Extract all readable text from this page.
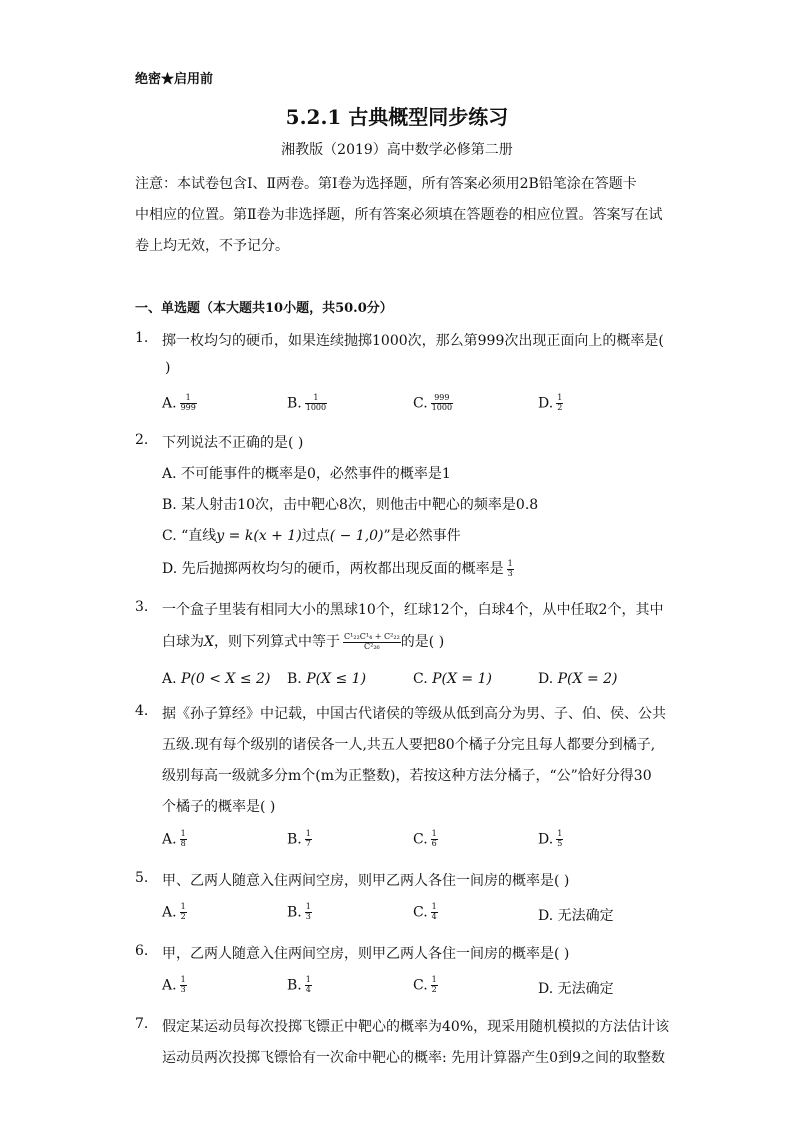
绝密★启用前
5.2.1 古典概型同步练习
湘教版（2019）高中数学必修第二册
注意：本试卷包含Ⅰ、Ⅱ两卷。第Ⅰ卷为选择题，所有答案必须用2B铅笔涂在答题卡
中相应的位置。第Ⅱ卷为非选择题，所有答案必须填在答题卷的相应位置。答案写在试
卷上均无效，不予记分。
一、单选题（本大题共10小题，共50.0分）
1. 掷一枚均匀的硬币，如果连续抛掷1000次，那么第999次出现正面向上的概率是(
)
A. $\frac{1}{999}$	B. $\frac{1}{1000}$	C. $\frac{999}{1000}$	D. $\frac{1}{2}$
2. 下列说法不正确的是( )
A. 不可能事件的概率是0，必然事件的概率是1
B. 某人射击10次，击中靶心8次，则他击中靶心的频率是0.8
C. “直线y = k(x + 1)过点( − 1,0)”是必然事件
D. 先后抛掷两枚均匀的硬币，两枚都出现反面的概率是 $\frac{1}{3}$
3. 一个盒子里装有相同大小的黑球10个，红球12个，白球4个，从中任取2个，其中
白球为X，则下列算式中等于 $\frac{\text{C¹₂₂C¹₄ + C²₂₂}}{\text{C²₂₆}}$ 的是( )
A. P(0 < X ≤ 2) B. P(X ≤ 1)	C. P(X = 1)	D. P(X = 2)
4. 据《孙子算经》中记载，中国古代诸侯的等级从低到高分为男、子、伯、侯、公共
五级.现有每个级别的诸侯各一人,共五人要把80个橘子分完且每人都要分到橘子,
级别每高一级就多分m个(m为正整数)，若按这种方法分橘子，“公”恰好分得30
个橘子的概率是( )
A. $\frac{1}{8}$	B. $\frac{1}{7}$	C. $\frac{1}{6}$	D. $\frac{1}{5}$
5. 甲、乙两人随意入住两间空房，则甲乙两人各住一间房的概率是( )
A. $\frac{1}{2}$	B. $\frac{1}{3}$	C. $\frac{1}{4}$	D. 无法确定
6. 甲，乙两人随意入住两间空房，则甲乙两人各住一间房的概率是( )
A. $\frac{1}{3}$	B. $\frac{1}{4}$	C. $\frac{1}{2}$	D. 无法确定
7. 假定某运动员每次投掷飞镖正中靶心的概率为40%，现采用随机模拟的方法估计该
运动员两次投掷飞镖恰有一次命中靶心的概率: 先用计算器产生0到9之间的取整数
